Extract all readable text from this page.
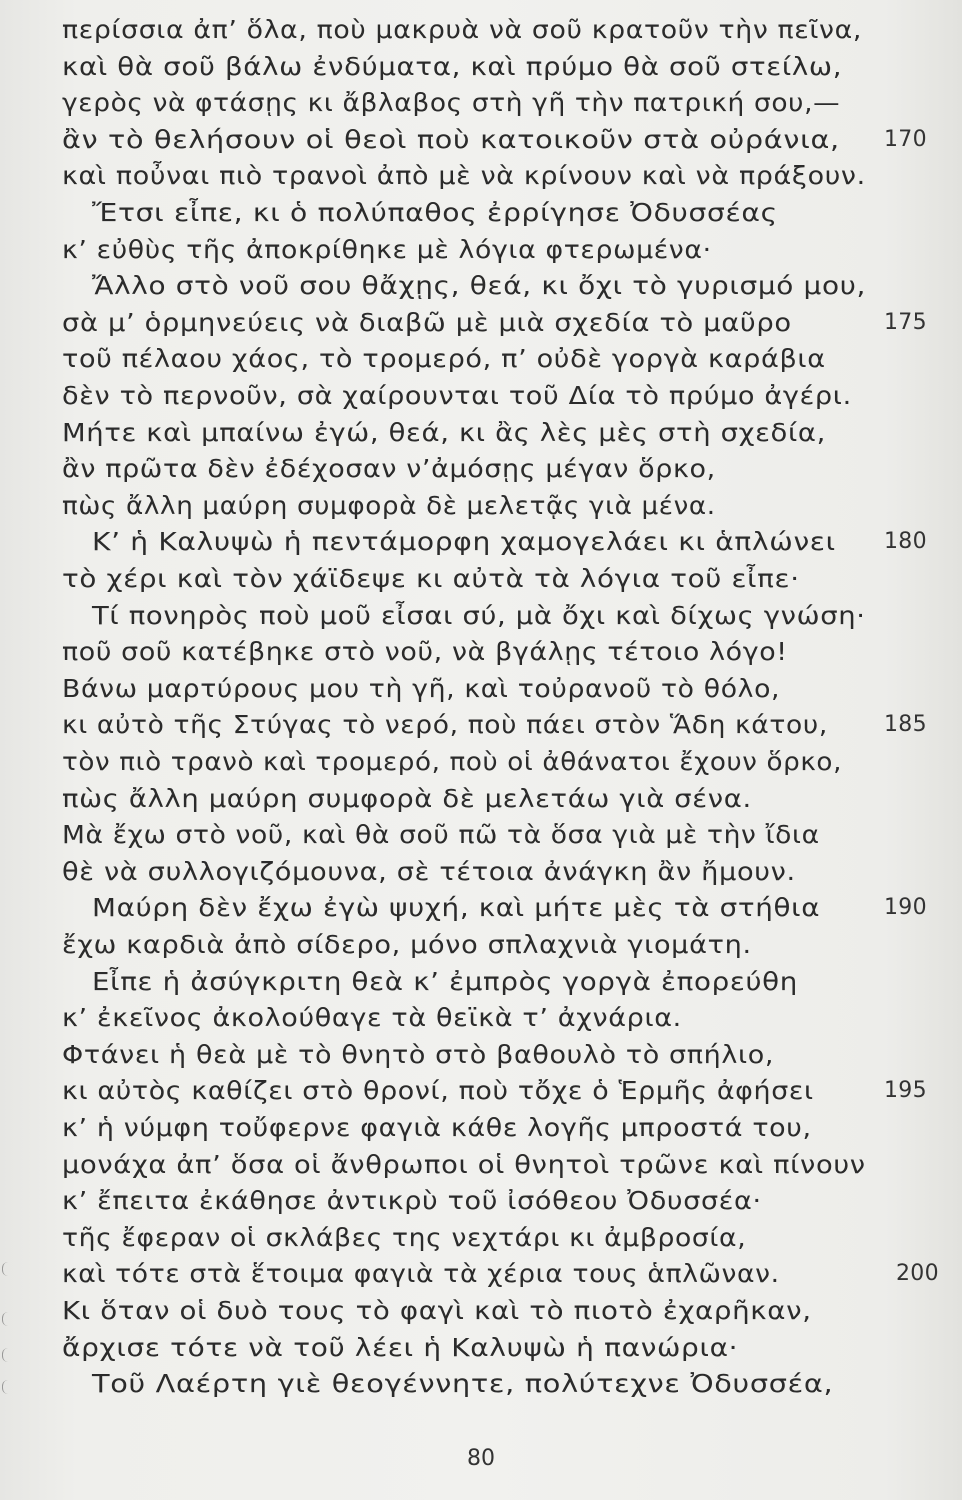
περίσσια ἀπ’ ὅλα, ποὺ μακρυὰ νὰ σοῦ κρατοῦν τὴν πεῖνα,
καὶ θὰ σοῦ βάλω ἐνδύματα, καὶ πρύμο θὰ σοῦ στείλω,
γερὸς νὰ φτάσῃς κι ἄβλαβος στὴ γῆ τὴν πατρική σου,—
ἂν τὸ θελήσουν οἱ θεοὶ ποὺ κατοικοῦν στὰ οὐράνια, 170
καὶ ποὖναι πιὸ τρανοὶ ἀπὸ μὲ νὰ κρίνουν καὶ νὰ πράξουν.
Ἔτσι εἶπε, κι ὁ πολύπαθος ἐρρίγησε Ὀδυσσέας
κ’ εὐθὺς τῆς ἀποκρίθηκε μὲ λόγια φτερωμένα·
Ἄλλο στὸ νοῦ σου θἄχῃς, θεά, κι ὄχι τὸ γυρισμό μου,
σὰ μ’ ὁρμηνεύεις νὰ διαβῶ μὲ μιὰ σχεδία τὸ μαῦρο	175
τοῦ πέλαου χάος, τὸ τρομερό, π’ οὐδὲ γοργὰ καράβια
δὲν τὸ περνοῦν, σὰ χαίρουνται τοῦ Δία τὸ πρύμο ἀγέρι.
Μήτε καὶ μπαίνω ἐγώ, θεά, κι ἂς λὲς μὲς στὴ σχεδία,
ἂν πρῶτα δὲν ἐδέχοσαν ν’ἀμόσῃς μέγαν ὅρκο,
πὼς ἄλλη μαύρη συμφορὰ δὲ μελετᾷς γιὰ μένα.
Κ’ ἡ Καλυψὼ ἡ πεντάμορφη χαμογελάει κι ἁπλώνει 180
τὸ χέρι καὶ τὸν χάϊδεψε κι αὐτὰ τὰ λόγια τοῦ εἶπε·
Τί πονηρὸς ποὺ μοῦ εἶσαι σύ, μὰ ὄχι καὶ δίχως γνώση·
ποῦ σοῦ κατέβηκε στὸ νοῦ, νὰ βγάλῃς τέτοιο λόγο!
Βάνω μαρτύρους μου τὴ γῆ, καὶ τοὐρανοῦ τὸ θόλο,
κι αὐτὸ τῆς Στύγας τὸ νερό, ποὺ πάει στὸν Ἅδη κάτου,	185
τὸν πιὸ τρανὸ καὶ τρομερό, ποὺ οἱ ἀθάνατοι ἔχουν ὅρκο,
πὼς ἄλλη μαύρη συμφορὰ δὲ μελετάω γιὰ σένα.
Μὰ ἔχω στὸ νοῦ, καὶ θὰ σοῦ πῶ τὰ ὅσα γιὰ μὲ τὴν ἴδια
θὲ νὰ συλλογιζόμουνα, σὲ τέτοια ἀνάγκη ἂν ἤμουν.
Μαύρη δὲν ἔχω ἐγὼ ψυχή, καὶ μήτε μὲς τὰ στήθια	190
ἔχω καρδιὰ ἀπὸ σίδερο, μόνο σπλαχνιὰ γιομάτη.
Εἶπε ἡ ἀσύγκριτη θεὰ κ’ ἐμπρὸς γοργὰ ἐπορεύθη
κ’ ἐκεῖνος ἀκολούθαγε τὰ θεϊκὰ τ’ ἀχνάρια.
Φτάνει ἡ θεὰ μὲ τὸ θνητὸ στὸ βαθουλὸ τὸ σπήλιο,
κι αὐτὸς καθίζει στὸ θρονί, ποὺ τὄχε ὁ Ἑρμῆς ἀφήσει	195
κ’ ἡ νύμφη τοὔφερνε φαγιὰ κάθε λογῆς μπροστά του,
μονάχα ἀπ’ ὅσα οἱ ἄνθρωποι οἱ θνητοὶ τρῶνε καὶ πίνουν
κ’ ἔπειτα ἐκάθησε ἀντικρὺ τοῦ ἰσόθεου Ὀδυσσέα·
τῆς ἔφεραν οἱ σκλάβες της νεχτάρι κι ἀμβροσία,
καὶ τότε στὰ ἕτοιμα φαγιὰ τὰ χέρια τους ἁπλῶναν.	200
Κι ὅταν οἱ δυὸ τους τὸ φαγὶ καὶ τὸ πιοτὸ ἐχαρῆκαν,
ἄρχισε τότε νὰ τοῦ λέει ἡ Καλυψὼ ἡ πανώρια·
Τοῦ Λαέρτη γιὲ θεογέννητε, πολύτεχνε Ὀδυσσέα,
80
